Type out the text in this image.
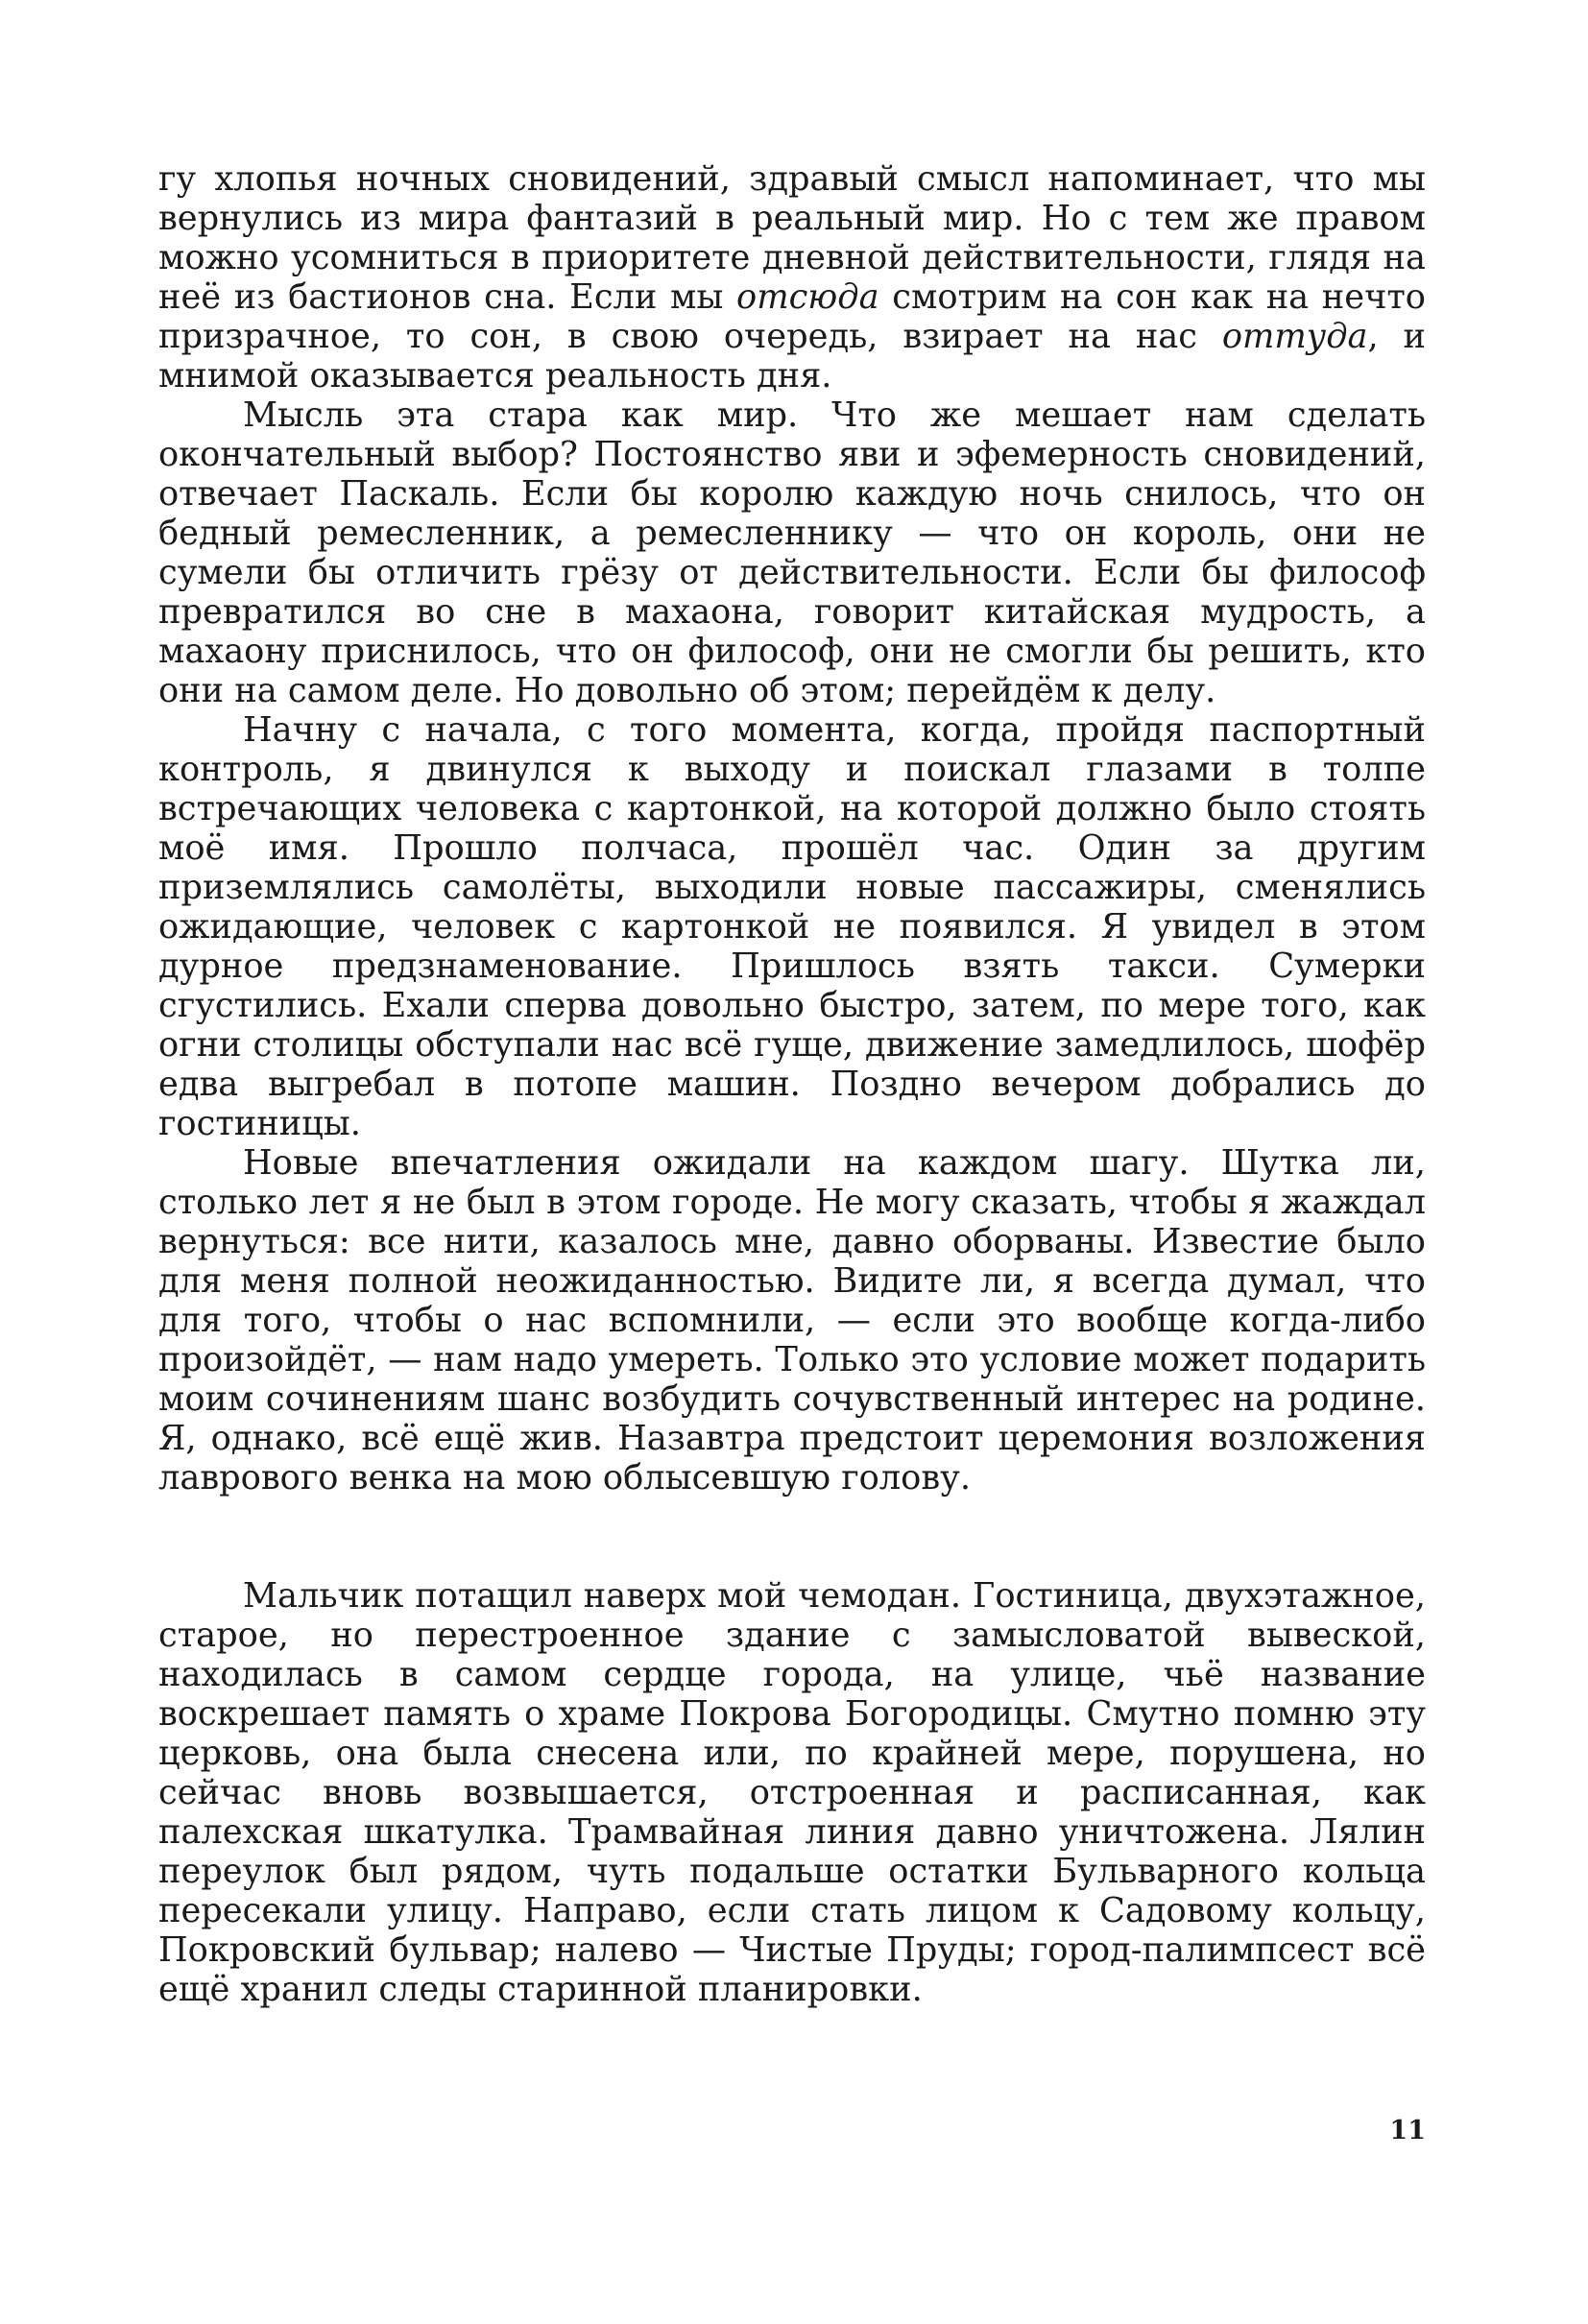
гу хлопья ночных сновидений, здравый смысл напоминает, что мы вернулись из мира фантазий в реальный мир. Но с тем же правом можно усомниться в приоритете дневной действительности, глядя на неё из бастионов сна. Если мы отсюда смотрим на сон как на нечто призрачное, то сон, в свою очередь, взирает на нас оттуда, и мнимой оказывается реальность дня.

Мысль эта стара как мир. Что же мешает нам сделать окончательный выбор? Постоянство яви и эфемерность сновидений, отвечает Паскаль. Если бы королю каждую ночь снилось, что он бедный ремесленник, а ремесленнику — что он король, они не сумели бы отличить грёзу от действительности. Если бы философ превратился во сне в махаона, говорит китайская мудрость, а махаону приснилось, что он философ, они не смогли бы решить, кто они на самом деле. Но довольно об этом; перейдём к делу.

Начну с начала, с того момента, когда, пройдя паспортный контроль, я двинулся к выходу и поискал глазами в толпе встречающих человека с картонкой, на которой должно было стоять моё имя. Прошло полчаса, прошёл час. Один за другим приземлялись самолёты, выходили новые пассажиры, сменялись ожидающие, человек с картонкой не появился. Я увидел в этом дурное предзнаменование. Пришлось взять такси. Сумерки сгустились. Ехали сперва довольно быстро, затем, по мере того, как огни столицы обступали нас всё гуще, движение замедлилось, шофёр едва выгребал в потопе машин. Поздно вечером добрались до гостиницы.

Новые впечатления ожидали на каждом шагу. Шутка ли, столько лет я не был в этом городе. Не могу сказать, чтобы я жаждал вернуться: все нити, казалось мне, давно оборваны. Известие было для меня полной неожиданностью. Видите ли, я всегда думал, что для того, чтобы о нас вспомнили, — если это вообще когда-либо произойдёт, — нам надо умереть. Только это условие может подарить моим сочинениям шанс возбудить сочувственный интерес на родине. Я, однако, всё ещё жив. Назавтра предстоит церемония возложения лаврового венка на мою облысевшую голову.

Мальчик потащил наверх мой чемодан. Гостиница, двухэтажное, старое, но перестроенное здание с замысловатой вывеской, находилась в самом сердце города, на улице, чьё название воскрешает память о храме Покрова Богородицы. Смутно помню эту церковь, она была снесена или, по крайней мере, порушена, но сейчас вновь возвышается, отстроенная и расписанная, как палехская шкатулка. Трамвайная линия давно уничтожена. Лялин переулок был рядом, чуть подальше остатки Бульварного кольца пересекали улицу. Направо, если стать лицом к Садовому кольцу, Покровский бульвар; налево — Чистые Пруды; город-палимпсест всё ещё хранил следы старинной планировки.

11
